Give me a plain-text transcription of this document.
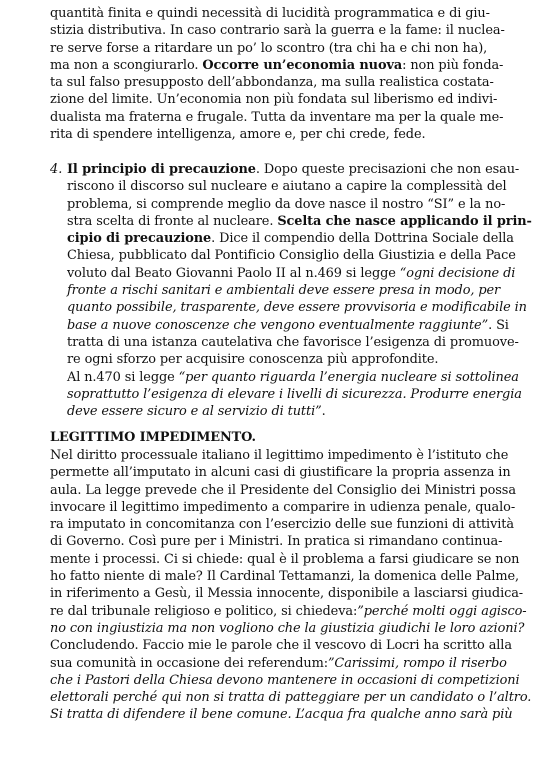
quantità finita e quindi necessità di lucidità programmatica e di giu-
stizia distributiva. In caso contrario sarà la guerra e la fame: il nuclea-
re serve forse a ritardare un po’ lo scontro (tra chi ha e chi non ha),
ma non a scongiurarlo. Occorre un’economia nuova: non più fonda-
ta sul falso presupposto dell’abbondanza, ma sulla realistica costata-
zione del limite. Un’economia non più fondata sul liberismo ed indivi-
dualista ma fraterna e frugale. Tutta da inventare ma per la quale me-
rita di spendere intelligenza, amore e, per chi crede, fede.
4. Il principio di precauzione. Dopo queste precisazioni che non esau-
riscono il discorso sul nucleare e aiutano a capire la complessità del
problema, si comprende meglio da dove nasce il nostro “SI” e la no-
stra scelta di fronte al nucleare. Scelta che nasce applicando il prin-
cipio di precauzione. Dice il compendio della Dottrina Sociale della
Chiesa, pubblicato dal Pontificio Consiglio della Giustizia e della Pace
voluto dal Beato Giovanni Paolo II al n.469 si legge “ogni decisione di
fronte a rischi sanitari e ambientali deve essere presa in modo, per
quanto possibile, trasparente, deve essere provvisoria e modificabile in
base a nuove conoscenze che vengono eventualmente raggiunte”. Si
tratta di una istanza cautelativa che favorisce l’esigenza di promuove-
re ogni sforzo per acquisire conoscenza più approfondite.
Al n.470 si legge “per quanto riguarda l’energia nucleare si sottolinea
soprattutto l’esigenza di elevare i livelli di sicurezza. Produrre energia
deve essere sicuro e al servizio di tutti”.
LEGITTIMO IMPEDIMENTO.
Nel diritto processuale italiano il legittimo impedimento è l’istituto che
permette all’imputato in alcuni casi di giustificare la propria assenza in
aula. La legge prevede che il Presidente del Consiglio dei Ministri possa
invocare il legittimo impedimento a comparire in udienza penale, qualo-
ra imputato in concomitanza con l’esercizio delle sue funzioni di attività
di Governo. Così pure per i Ministri. In pratica si rimandano continua-
mente i processi. Ci si chiede: qual è il problema a farsi giudicare se non
ho fatto niente di male? Il Cardinal Tettamanzi, la domenica delle Palme,
in riferimento a Gesù, il Messia innocente, disponibile a lasciarsi giudica-
re dal tribunale religioso e politico, si chiedeva:”perché molti oggi agisco-
no con ingiustizia ma non vogliono che la giustizia giudichi le loro azioni?
Concludendo. Faccio mie le parole che il vescovo di Locri ha scritto alla
sua comunità in occasione dei referendum:”Carissimi, rompo il riserbo
che i Pastori della Chiesa devono mantenere in occasioni di competizioni
elettorali perché qui non si tratta di patteggiare per un candidato o l’altro.
Si tratta di difendere il bene comune. L’acqua fra qualche anno sarà più
